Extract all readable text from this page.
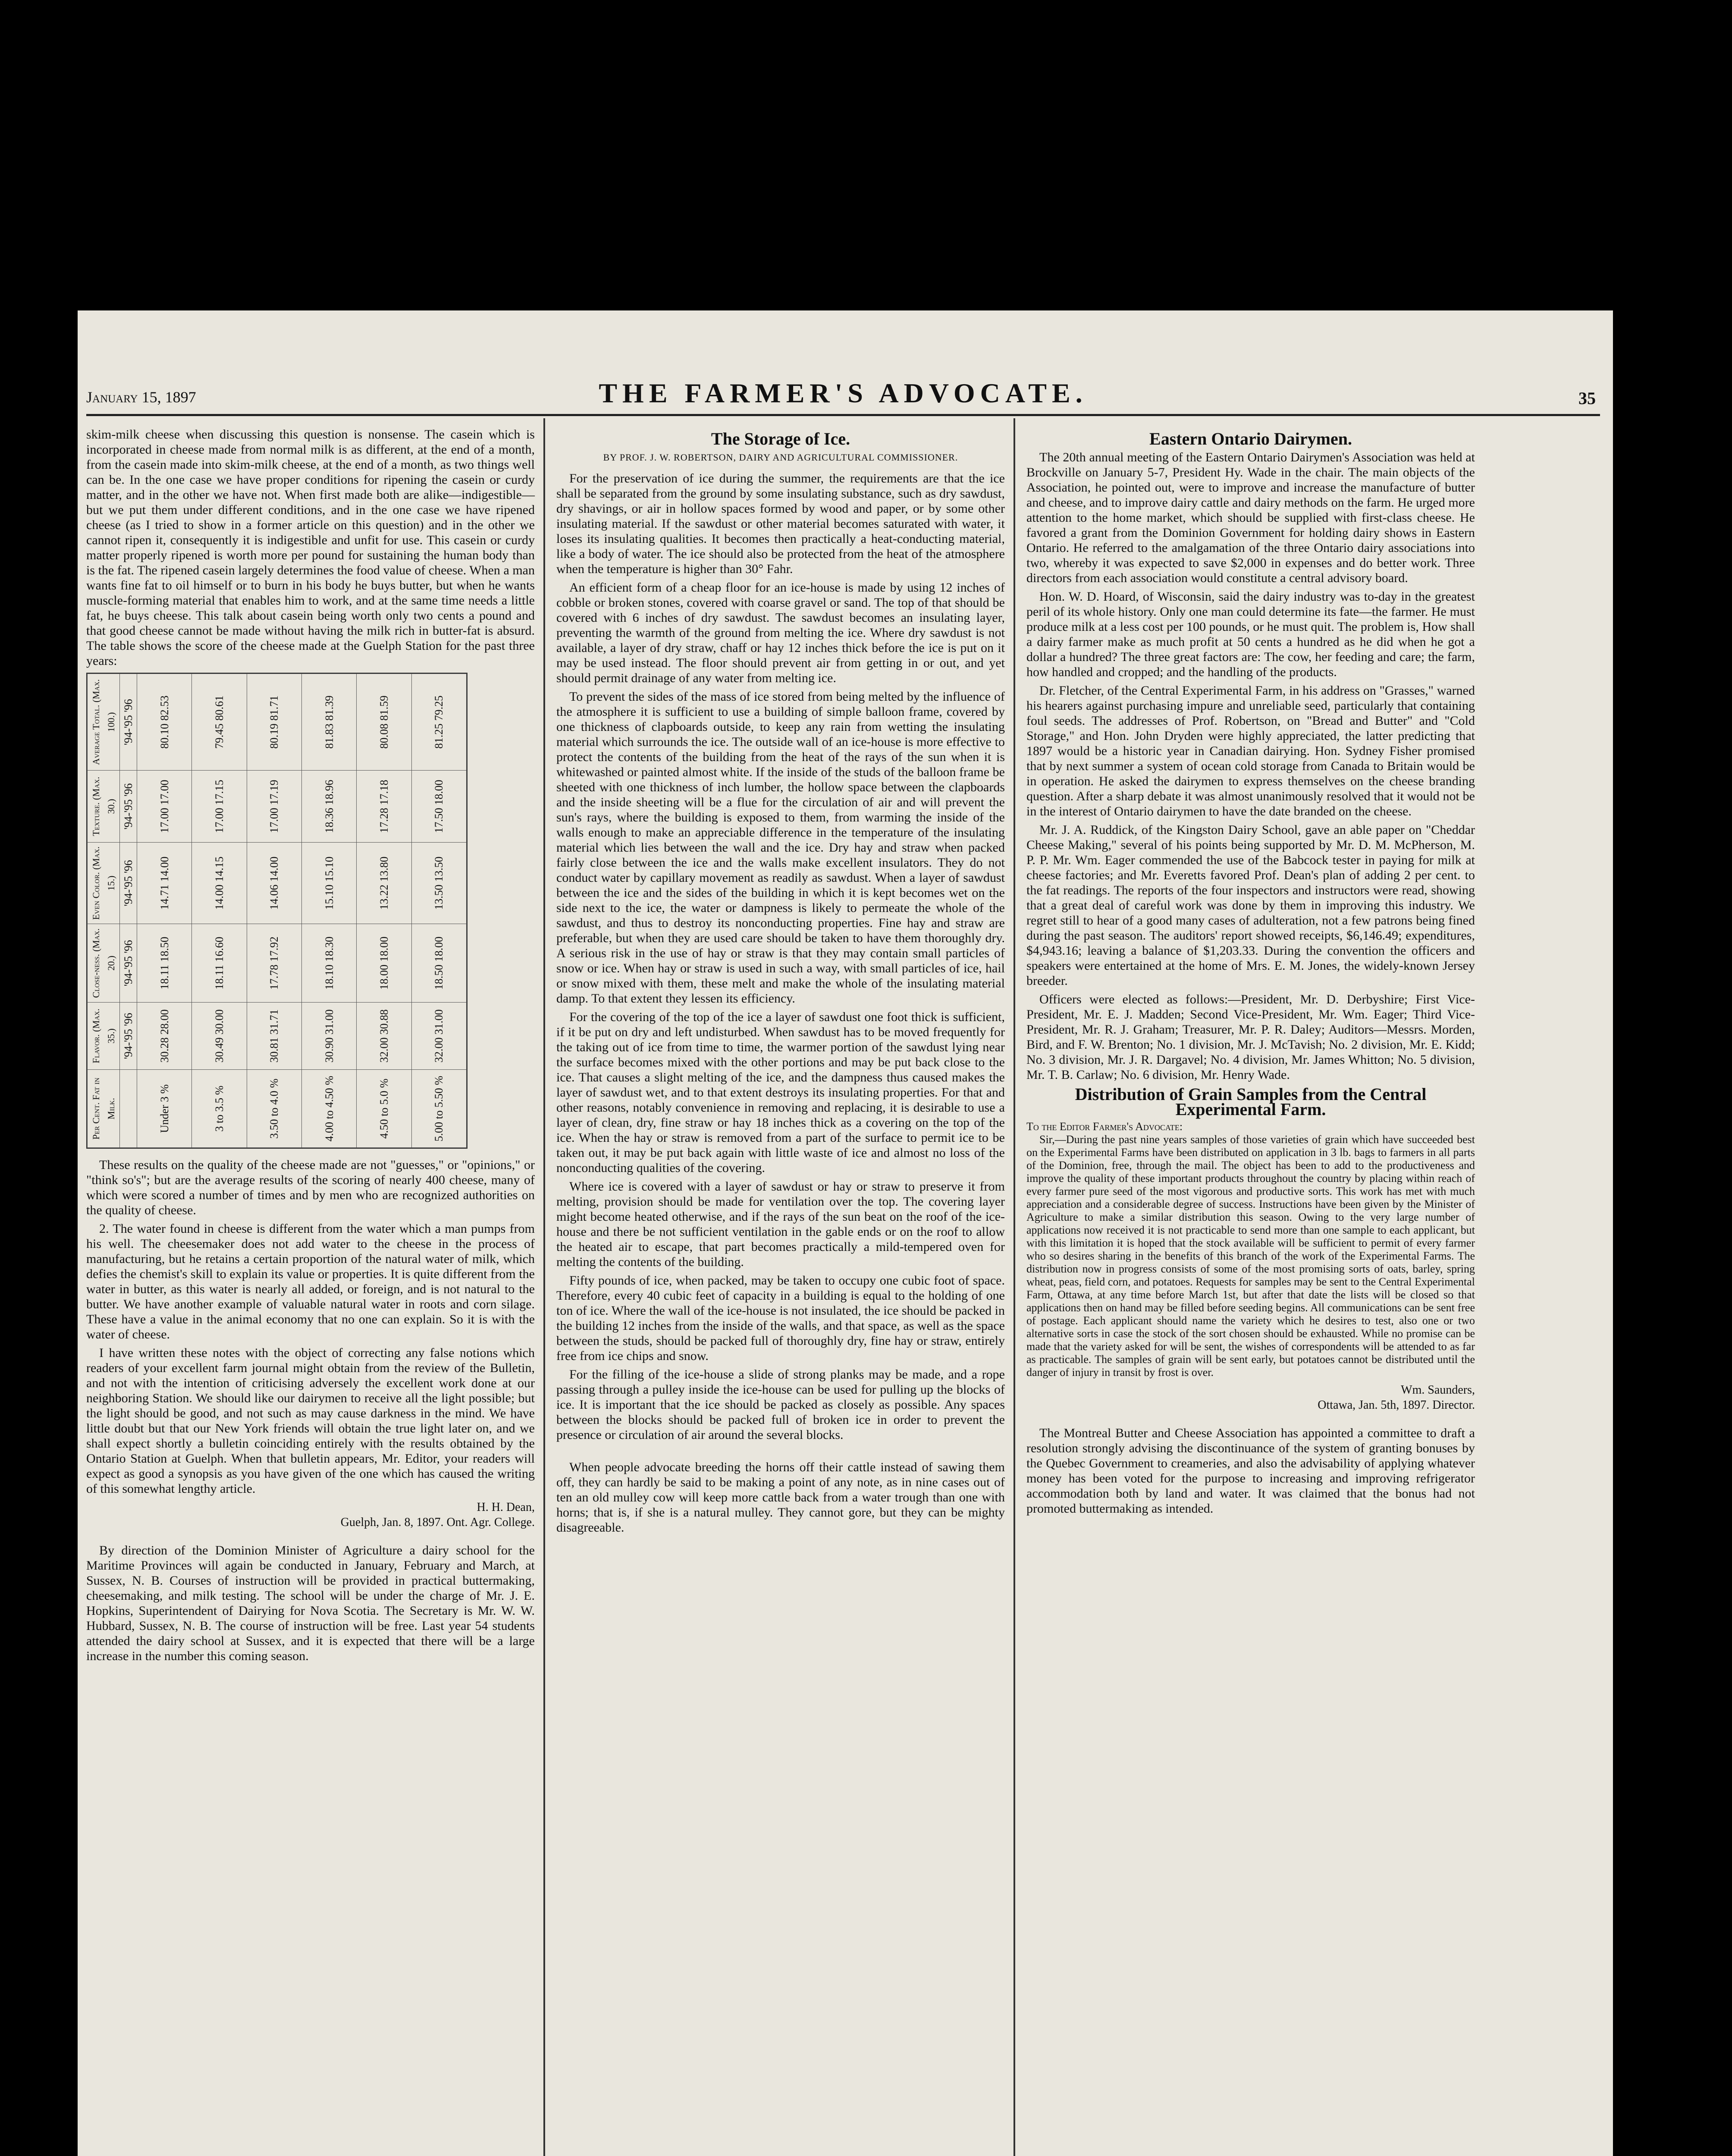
January 15, 1897	THE FARMER'S ADVOCATE.	35

skim-milk cheese when discussing this question is nonsense. The casein which is incorporated in cheese made from normal milk is as different, at the end of a month, from the casein made into skim-milk cheese, at the end of a month, as two things well can be. In the one case we have proper conditions for ripening the casein or curdy matter, and in the other we have not. When first made both are alike—indigestible—but we put them under different conditions, and in the one case we have ripened cheese (as I tried to show in a former article on this question) and in the other we cannot ripen it, consequently it is indigestible and unfit for use. This casein or curdy matter properly ripened is worth more per pound for sustaining the human body than is the fat. The ripened casein largely determines the food value of cheese. When a man wants fine fat to oil himself or to burn in his body he buys butter, but when he wants muscle-forming material that enables him to work, and at the same time needs a little fat, he buys cheese. This talk about casein being worth only two cents a pound and that good cheese cannot be made without having the milk rich in butter-fat is absurd. The table shows the score of the cheese made at the Guelph Station for the past three years:

Per Cent. Fat in Milk.	Flavor. (Max. 35.)	Close-ness. (Max. 20.)	Even Color. (Max. 15.)	Texture. (Max. 30.)	Average Total. (Max. 100.)
	'94-'95 '96	'94-'95 '96	'94-'95 '96	'94-'95 '96	'94-'95 '96
Under 3 %	30.28 28.00	18.11 18.50	14.71 14.00	17.00 17.00	80.10 82.53
3 to 3.5 %	30.49 30.00	18.11 16.60	14.00 14.15	17.00 17.15	79.45 80.61
3.50 to 4.0 %	30.81 31.71	17.78 17.92	14.06 14.00	17.00 17.19	80.19 81.71
4.00 to 4.50 %	30.90 31.00	18.10 18.30	15.10 15.10	18.36 18.96	81.83 81.39
4.50 to 5.0 %	32.00 30.88	18.00 18.00	13.22 13.80	17.28 17.18	80.08 81.59
5.00 to 5.50 %	32.00 31.00	18.50 18.00	13.50 13.50	17.50 18.00	81.25 79.25

These results on the quality of the cheese made are not "guesses," or "opinions," or "think so's"; but are the average results of the scoring of nearly 400 cheese, many of which were scored a number of times and by men who are recognized authorities on the quality of cheese.

2. The water found in cheese is different from the water which a man pumps from his well. The cheesemaker does not add water to the cheese in the process of manufacturing, but he retains a certain proportion of the natural water of milk, which defies the chemist's skill to explain its value or properties. It is quite different from the water in butter, as this water is nearly all added, or foreign, and is not natural to the butter. We have another example of valuable natural water in roots and corn silage. These have a value in the animal economy that no one can explain. So it is with the water of cheese.

I have written these notes with the object of correcting any false notions which readers of your excellent farm journal might obtain from the review of the Bulletin, and not with the intention of criticising adversely the excellent work done at our neighboring Station. We should like our dairymen to receive all the light possible; but the light should be good, and not such as may cause darkness in the mind. We have little doubt but that our New York friends will obtain the true light later on, and we shall expect shortly a bulletin coinciding entirely with the results obtained by the Ontario Station at Guelph. When that bulletin appears, Mr. Editor, your readers will expect as good a synopsis as you have given of the one which has caused the writing of this somewhat lengthy article.

H. H. Dean,
Guelph, Jan. 8, 1897. Ont. Agr. College.

By direction of the Dominion Minister of Agriculture a dairy school for the Maritime Provinces will again be conducted in January, February and March, at Sussex, N. B. Courses of instruction will be provided in practical buttermaking, cheesemaking, and milk testing. The school will be under the charge of Mr. J. E. Hopkins, Superintendent of Dairying for Nova Scotia. The Secretary is Mr. W. W. Hubbard, Sussex, N. B. The course of instruction will be free. Last year 54 students attended the dairy school at Sussex, and it is expected that there will be a large increase in the number this coming season.

The Storage of Ice.
BY PROF. J. W. ROBERTSON, DAIRY AND AGRICULTURAL COMMISSIONER.

For the preservation of ice during the summer, the requirements are that the ice shall be separated from the ground by some insulating substance, such as dry sawdust, dry shavings, or air in hollow spaces formed by wood and paper, or by some other insulating material. If the sawdust or other material becomes saturated with water, it loses its insulating qualities. It becomes then practically a heat-conducting material, like a body of water. The ice should also be protected from the heat of the atmosphere when the temperature is higher than 30° Fahr.

An efficient form of a cheap floor for an ice-house is made by using 12 inches of cobble or broken stones, covered with coarse gravel or sand. The top of that should be covered with 6 inches of dry sawdust. The sawdust becomes an insulating layer, preventing the warmth of the ground from melting the ice. Where dry sawdust is not available, a layer of dry straw, chaff or hay 12 inches thick before the ice is put on it may be used instead. The floor should prevent air from getting in or out, and yet should permit drainage of any water from melting ice.

To prevent the sides of the mass of ice stored from being melted by the influence of the atmosphere it is sufficient to use a building of simple balloon frame, covered by one thickness of clapboards outside, to keep any rain from wetting the insulating material which surrounds the ice. The outside wall of an ice-house is more effective to protect the contents of the building from the heat of the rays of the sun when it is whitewashed or painted almost white. If the inside of the studs of the balloon frame be sheeted with one thickness of inch lumber, the hollow space between the clapboards and the inside sheeting will be a flue for the circulation of air and will prevent the sun's rays, where the building is exposed to them, from warming the inside of the walls enough to make an appreciable difference in the temperature of the insulating material which lies between the wall and the ice. Dry hay and straw when packed fairly close between the ice and the walls make excellent insulators. They do not conduct water by capillary movement as readily as sawdust. When a layer of sawdust between the ice and the sides of the building in which it is kept becomes wet on the side next to the ice, the water or dampness is likely to permeate the whole of the sawdust, and thus to destroy its nonconducting properties. Fine hay and straw are preferable, but when they are used care should be taken to have them thoroughly dry. A serious risk in the use of hay or straw is that they may contain small particles of snow or ice. When hay or straw is used in such a way, with small particles of ice, hail or snow mixed with them, these melt and make the whole of the insulating material damp. To that extent they lessen its efficiency.

For the covering of the top of the ice a layer of sawdust one foot thick is sufficient, if it be put on dry and left undisturbed. When sawdust has to be moved frequently for the taking out of ice from time to time, the warmer portion of the sawdust lying near the surface becomes mixed with the other portions and may be put back close to the ice. That causes a slight melting of the ice, and the dampness thus caused makes the layer of sawdust wet, and to that extent destroys its insulating properties. For that and other reasons, notably convenience in removing and replacing, it is desirable to use a layer of clean, dry, fine straw or hay 18 inches thick as a covering on the top of the ice. When the hay or straw is removed from a part of the surface to permit ice to be taken out, it may be put back again with little waste of ice and almost no loss of the nonconducting qualities of the covering.

Where ice is covered with a layer of sawdust or hay or straw to preserve it from melting, provision should be made for ventilation over the top. The covering layer might become heated otherwise, and if the rays of the sun beat on the roof of the ice-house and there be not sufficient ventilation in the gable ends or on the roof to allow the heated air to escape, that part becomes practically a mild-tempered oven for melting the contents of the building.

Fifty pounds of ice, when packed, may be taken to occupy one cubic foot of space. Therefore, every 40 cubic feet of capacity in a building is equal to the holding of one ton of ice. Where the wall of the ice-house is not insulated, the ice should be packed in the building 12 inches from the inside of the walls, and that space, as well as the space between the studs, should be packed full of thoroughly dry, fine hay or straw, entirely free from ice chips and snow.

For the filling of the ice-house a slide of strong planks may be made, and a rope passing through a pulley inside the ice-house can be used for pulling up the blocks of ice. It is important that the ice should be packed as closely as possible. Any spaces between the blocks should be packed full of broken ice in order to prevent the presence or circulation of air around the several blocks.

When people advocate breeding the horns off their cattle instead of sawing them off, they can hardly be said to be making a point of any note, as in nine cases out of ten an old mulley cow will keep more cattle back from a water trough than one with horns; that is, if she is a natural mulley. They cannot gore, but they can be mighty disagreeable.

Eastern Ontario Dairymen.

The 20th annual meeting of the Eastern Ontario Dairymen's Association was held at Brockville on January 5-7, President Hy. Wade in the chair. The main objects of the Association, he pointed out, were to improve and increase the manufacture of butter and cheese, and to improve dairy cattle and dairy methods on the farm. He urged more attention to the home market, which should be supplied with first-class cheese. He favored a grant from the Dominion Government for holding dairy shows in Eastern Ontario. He referred to the amalgamation of the three Ontario dairy associations into two, whereby it was expected to save $2,000 in expenses and do better work. Three directors from each association would constitute a central advisory board.

Hon. W. D. Hoard, of Wisconsin, said the dairy industry was to-day in the greatest peril of its whole history. Only one man could determine its fate—the farmer. He must produce milk at a less cost per 100 pounds, or he must quit. The problem is, How shall a dairy farmer make as much profit at 50 cents a hundred as he did when he got a dollar a hundred? The three great factors are: The cow, her feeding and care; the farm, how handled and cropped; and the handling of the products.

Dr. Fletcher, of the Central Experimental Farm, in his address on "Grasses," warned his hearers against purchasing impure and unreliable seed, particularly that containing foul seeds. The addresses of Prof. Robertson, on "Bread and Butter" and "Cold Storage," and Hon. John Dryden were highly appreciated, the latter predicting that 1897 would be a historic year in Canadian dairying. Hon. Sydney Fisher promised that by next summer a system of ocean cold storage from Canada to Britain would be in operation. He asked the dairymen to express themselves on the cheese branding question. After a sharp debate it was almost unanimously resolved that it would not be in the interest of Ontario dairymen to have the date branded on the cheese.

Mr. J. A. Ruddick, of the Kingston Dairy School, gave an able paper on "Cheddar Cheese Making," several of his points being supported by Mr. D. M. McPherson, M. P. P. Mr. Wm. Eager commended the use of the Babcock tester in paying for milk at cheese factories; and Mr. Everetts favored Prof. Dean's plan of adding 2 per cent. to the fat readings. The reports of the four inspectors and instructors were read, showing that a great deal of careful work was done by them in improving this industry. We regret still to hear of a good many cases of adulteration, not a few patrons being fined during the past season. The auditors' report showed receipts, $6,146.49; expenditures, $4,943.16; leaving a balance of $1,203.33. During the convention the officers and speakers were entertained at the home of Mrs. E. M. Jones, the widely-known Jersey breeder.

Officers were elected as follows:—President, Mr. D. Derbyshire; First Vice-President, Mr. E. J. Madden; Second Vice-President, Mr. Wm. Eager; Third Vice-President, Mr. R. J. Graham; Treasurer, Mr. P. R. Daley; Auditors—Messrs. Morden, Bird, and F. W. Brenton; No. 1 division, Mr. J. McTavish; No. 2 division, Mr. E. Kidd; No. 3 division, Mr. J. R. Dargavel; No. 4 division, Mr. James Whitton; No. 5 division, Mr. T. B. Carlaw; No. 6 division, Mr. Henry Wade.

Distribution of Grain Samples from the Central Experimental Farm.
To the Editor Farmer's Advocate:

Sir,—During the past nine years samples of those varieties of grain which have succeeded best on the Experimental Farms have been distributed on application in 3 lb. bags to farmers in all parts of the Dominion, free, through the mail. The object has been to add to the productiveness and improve the quality of these important products throughout the country by placing within reach of every farmer pure seed of the most vigorous and productive sorts. This work has met with much appreciation and a considerable degree of success. Instructions have been given by the Minister of Agriculture to make a similar distribution this season. Owing to the very large number of applications now received it is not practicable to send more than one sample to each applicant, but with this limitation it is hoped that the stock available will be sufficient to permit of every farmer who so desires sharing in the benefits of this branch of the work of the Experimental Farms. The distribution now in progress consists of some of the most promising sorts of oats, barley, spring wheat, peas, field corn, and potatoes. Requests for samples may be sent to the Central Experimental Farm, Ottawa, at any time before March 1st, but after that date the lists will be closed so that applications then on hand may be filled before seeding begins. All communications can be sent free of postage. Each applicant should name the variety which he desires to test, also one or two alternative sorts in case the stock of the sort chosen should be exhausted. While no promise can be made that the variety asked for will be sent, the wishes of correspondents will be attended to as far as practicable. The samples of grain will be sent early, but potatoes cannot be distributed until the danger of injury in transit by frost is over.

Wm. Saunders,
Ottawa, Jan. 5th, 1897. Director.

The Montreal Butter and Cheese Association has appointed a committee to draft a resolution strongly advising the discontinuance of the system of granting bonuses by the Quebec Government to creameries, and also the advisability of applying whatever money has been voted for the purpose to increasing and improving refrigerator accommodation both by land and water. It was claimed that the bonus had not promoted buttermaking as intended.
